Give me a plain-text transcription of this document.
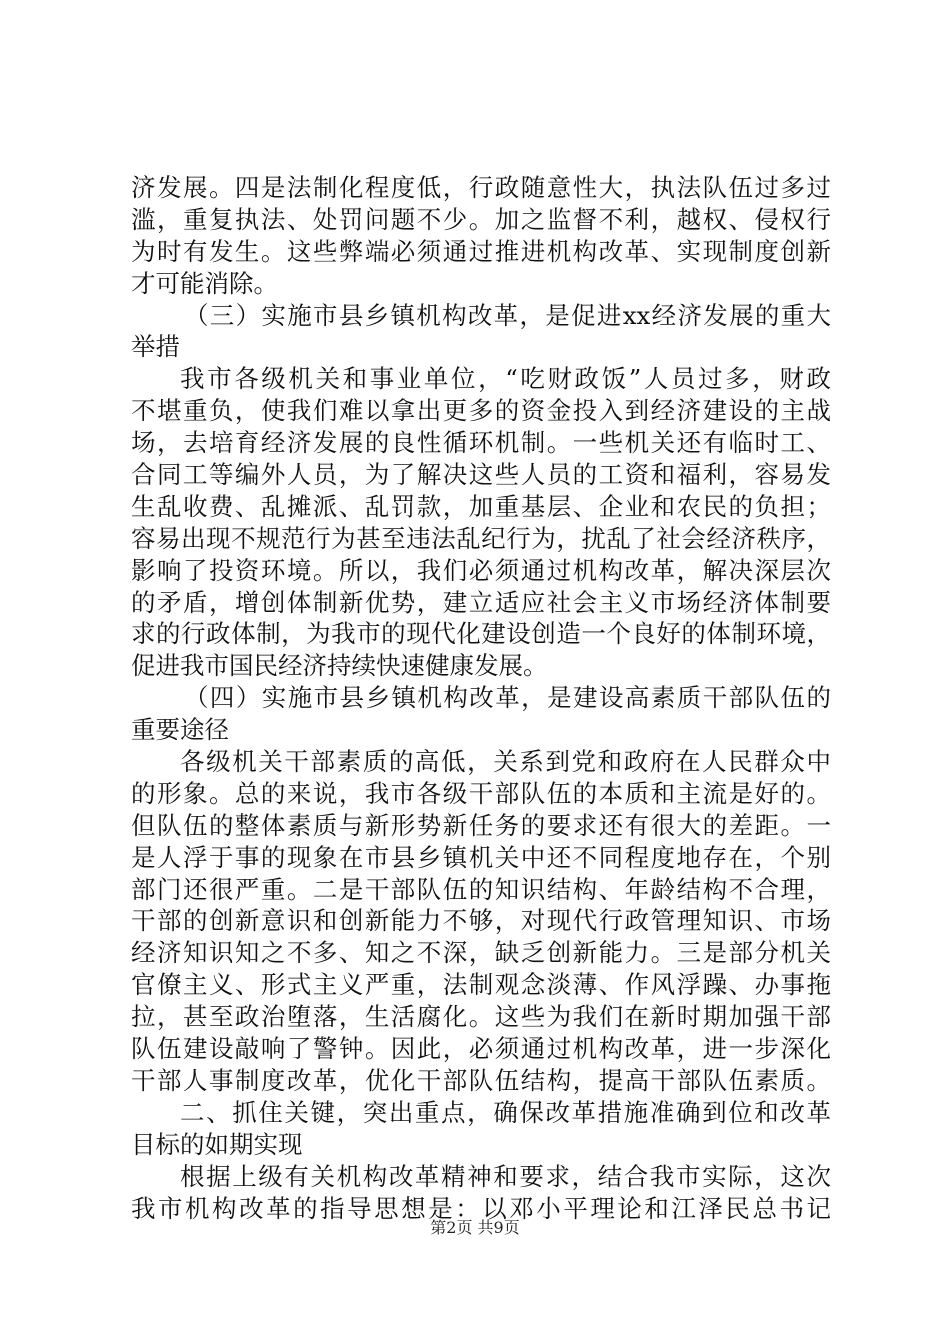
济发展。四是法制化程度低，行政随意性大，执法队伍过多过
滥，重复执法、处罚问题不少。加之监督不利，越权、侵权行
为时有发生。这些弊端必须通过推进机构改革、实现制度创新
才可能消除。
（三）实施市县乡镇机构改革，是促进xx经济发展的重大
举措
我市各级机关和事业单位，“吃财政饭”人员过多，财政
不堪重负，使我们难以拿出更多的资金投入到经济建设的主战
场，去培育经济发展的良性循环机制。一些机关还有临时工、
合同工等编外人员，为了解决这些人员的工资和福利，容易发
生乱收费、乱摊派、乱罚款，加重基层、企业和农民的负担；
容易出现不规范行为甚至违法乱纪行为，扰乱了社会经济秩序，
影响了投资环境。所以，我们必须通过机构改革，解决深层次
的矛盾，增创体制新优势，建立适应社会主义市场经济体制要
求的行政体制，为我市的现代化建设创造一个良好的体制环境，
促进我市国民经济持续快速健康发展。
（四）实施市县乡镇机构改革，是建设高素质干部队伍的
重要途径
各级机关干部素质的高低，关系到党和政府在人民群众中
的形象。总的来说，我市各级干部队伍的本质和主流是好的。
但队伍的整体素质与新形势新任务的要求还有很大的差距。一
是人浮于事的现象在市县乡镇机关中还不同程度地存在，个别
部门还很严重。二是干部队伍的知识结构、年龄结构不合理，
干部的创新意识和创新能力不够，对现代行政管理知识、市场
经济知识知之不多、知之不深，缺乏创新能力。三是部分机关
官僚主义、形式主义严重，法制观念淡薄、作风浮躁、办事拖
拉，甚至政治堕落，生活腐化。这些为我们在新时期加强干部
队伍建设敲响了警钟。因此，必须通过机构改革，进一步深化
干部人事制度改革，优化干部队伍结构，提高干部队伍素质。
二、抓住关键，突出重点，确保改革措施准确到位和改革
目标的如期实现
根据上级有关机构改革精神和要求，结合我市实际，这次
我市机构改革的指导思想是：以邓小平理论和江泽民总书记
第2页 共9页
